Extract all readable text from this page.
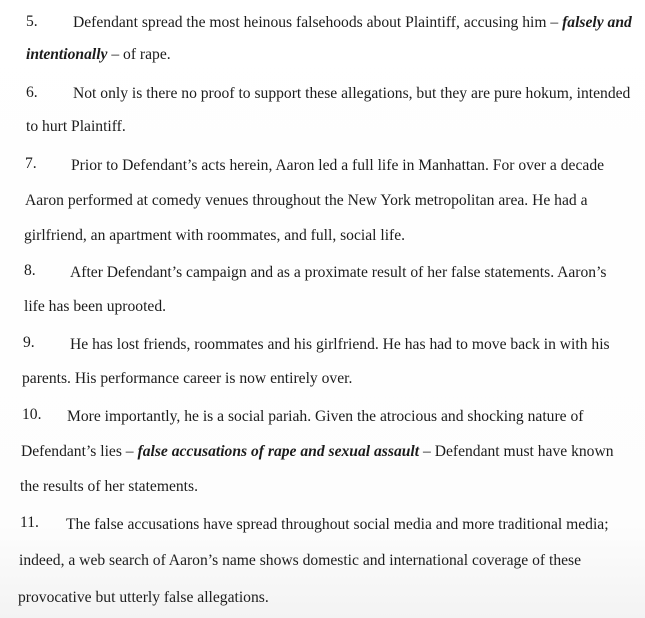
5. Defendant spread the most heinous falsehoods about Plaintiff, accusing him – falsely and
intentionally – of rape.
6. Not only is there no proof to support these allegations, but they are pure hokum, intended
to hurt Plaintiff.
7. Prior to Defendant’s acts herein, Aaron led a full life in Manhattan. For over a decade
Aaron performed at comedy venues throughout the New York metropolitan area. He had a
girlfriend, an apartment with roommates, and full, social life.
8. After Defendant’s campaign and as a proximate result of her false statements. Aaron’s
life has been uprooted.
9. He has lost friends, roommates and his girlfriend. He has had to move back in with his
parents. His performance career is now entirely over.
10. More importantly, he is a social pariah. Given the atrocious and shocking nature of
Defendant’s lies – false accusations of rape and sexual assault – Defendant must have known
the results of her statements.
11. The false accusations have spread throughout social media and more traditional media;
indeed, a web search of Aaron’s name shows domestic and international coverage of these
provocative but utterly false allegations.
